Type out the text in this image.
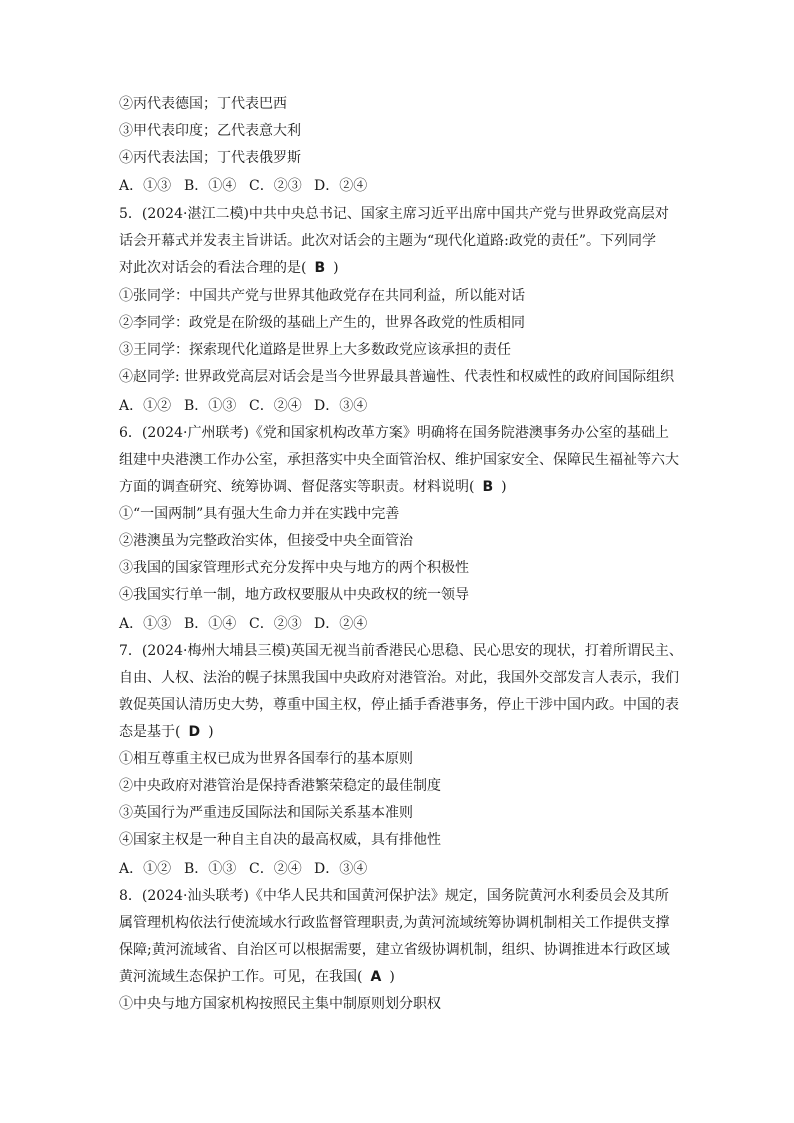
②丙代表德国；丁代表巴西
③甲代表印度；乙代表意大利
④丙代表法国；丁代表俄罗斯
A．①③ B．①④ C．②③ D．②④
5．(2024·湛江二模)中共中央总书记、国家主席习近平出席中国共产党与世界政党高层对
话会开幕式并发表主旨讲话。此次对话会的主题为“现代化道路:政党的责任”。下列同学
对此次对话会的看法合理的是( B )
①张同学：中国共产党与世界其他政党存在共同利益，所以能对话
②李同学：政党是在阶级的基础上产生的，世界各政党的性质相同
③王同学：探索现代化道路是世界上大多数政党应该承担的责任
④赵同学: 世界政党高层对话会是当今世界最具普遍性、代表性和权威性的政府间国际组织
A．①② B．①③ C．②④ D．③④
6．(2024·广州联考)《党和国家机构改革方案》明确将在国务院港澳事务办公室的基础上
组建中央港澳工作办公室，承担落实中央全面管治权、维护国家安全、保障民生福祉等六大
方面的调查研究、统筹协调、督促落实等职责。材料说明( B )
①“一国两制”具有强大生命力并在实践中完善
②港澳虽为完整政治实体，但接受中央全面管治
③我国的国家管理形式充分发挥中央与地方的两个积极性
④我国实行单一制，地方政权要服从中央政权的统一领导
A．①③ B．①④ C．②③ D．②④
7．(2024·梅州大埔县三模)英国无视当前香港民心思稳、民心思安的现状，打着所谓民主、
自由、人权、法治的幌子抹黑我国中央政府对港管治。对此，我国外交部发言人表示，我们
敦促英国认清历史大势，尊重中国主权，停止插手香港事务，停止干涉中国内政。中国的表
态是基于( D )
①相互尊重主权已成为世界各国奉行的基本原则
②中央政府对港管治是保持香港繁荣稳定的最佳制度
③英国行为严重违反国际法和国际关系基本准则
④国家主权是一种自主自决的最高权威，具有排他性
A．①② B．①③ C．②④ D．③④
8．(2024·汕头联考)《中华人民共和国黄河保护法》规定，国务院黄河水利委员会及其所
属管理机构依法行使流域水行政监督管理职责,为黄河流域统筹协调机制相关工作提供支撑
保障;黄河流域省、自治区可以根据需要，建立省级协调机制，组织、协调推进本行政区域
黄河流域生态保护工作。可见，在我国( A )
①中央与地方国家机构按照民主集中制原则划分职权
